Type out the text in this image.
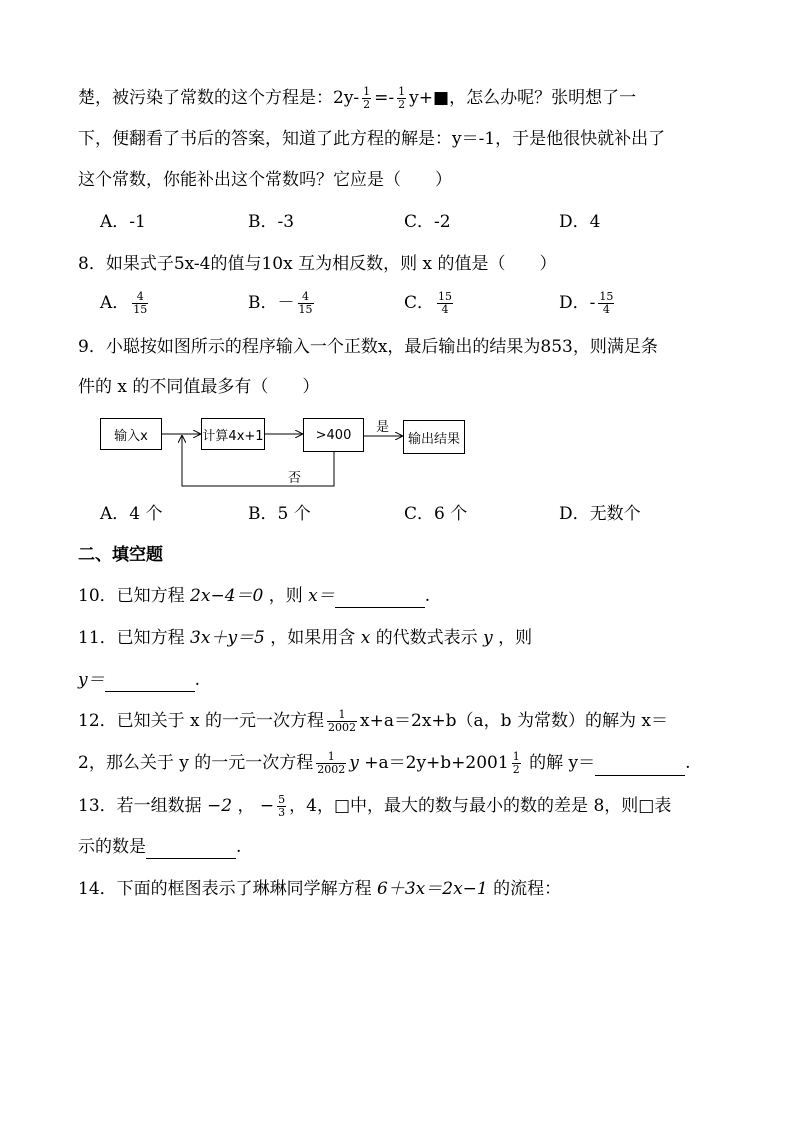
楚，被污染了常数的这个方程是：$2y- \frac{1}{2} =- \frac{1}{2}$ y+■，怎么办呢？张明想了一
下，便翻看了书后的答案，知道了此方程的解是：y＝-1，于是他很快就补出了
这个常数，你能补出这个常数吗？它应是（　　）
A．-1	B．-3	C．-2	D．4
8．如果式子5x-4的值与10x 互为相反数，则 x 的值是（　　）
A． $\frac{4}{15}$	B．－ $\frac{4}{15}$	C． $\frac{15}{4}$	D．- $\frac{15}{4}$
9．小聪按如图所示的程序输入一个正数x，最后输出的结果为853，则满足条
件的 x 的不同值最多有（　　）
输入x	计算4x+1	>400	输出结果
是
否
A．4 个	B．5 个	C．6 个	D．无数个
二、填空题
10．已知方程 2x−4＝0 ，则 x＝	.
11．已知方程 3x＋y＝5 ，如果用含 x 的代数式表示 y ，则
y＝	.
12．已知关于 x 的一元一次方程 $\frac{1}{2002} x+a=2x+b(a$，b 为常数）的解为 x＝
2，那么关于 y 的一元一次方程 $\frac{1}{2002}$ $y +a=2y+b+2001 \frac{1}{2}$ 的解 y＝	.
13．若一组数据 −2 ， − $\frac{5}{3}$ ，4，□中，最大的数与最小的数的差是 8，则□表
示的数是	.
14．下面的框图表示了琳琳同学解方程 6＋3x＝2x−1 的流程：
